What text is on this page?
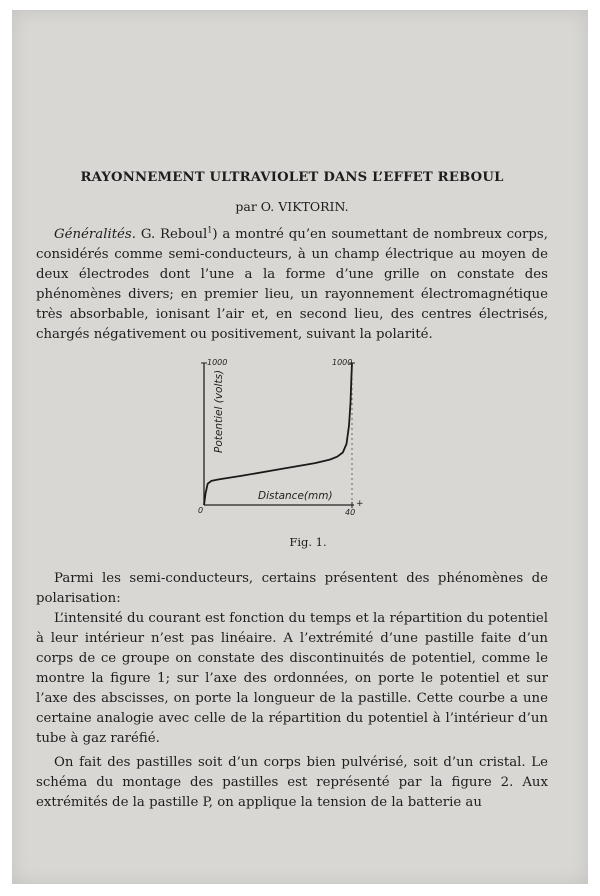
RAYONNEMENT ULTRAVIOLET DANS L’EFFET REBOUL

par O. VIKTORIN.

Généralités. G. Reboul$^1$) a montré qu’en soumettant de nombreux corps, considérés comme semi-conducteurs, à un champ électrique au moyen de deux électrodes dont l’une a la forme d’une grille on constate des phénomènes divers; en premier lieu, un rayonnement électromagnétique très absorbable, ionisant l’air et, en second lieu, des centres électrisés, chargés négativement ou positivement, suivant la polarité.

1000	1000
0	40
+
Distance(mm)
Potentiel (volts)
Fig. 1.

Parmi les semi-conducteurs, certains présentent des phénomènes de polarisation:

L’intensité du courant est fonction du temps et la répartition du potentiel à leur intérieur n’est pas linéaire. A l’extrémité d’une pastille faite d’un corps de ce groupe on constate des discontinuités de potentiel, comme le montre la figure 1; sur l’axe des ordonnées, on porte le potentiel et sur l’axe des abscisses, on porte la longueur de la pastille. Cette courbe a une certaine analogie avec celle de la répartition du potentiel à l’intérieur d’un tube à gaz raréfié.

On fait des pastilles soit d’un corps bien pulvérisé, soit d’un cristal. Le schéma du montage des pastilles est représenté par la figure 2. Aux extrémités de la pastille P, on applique la tension de la batterie au
